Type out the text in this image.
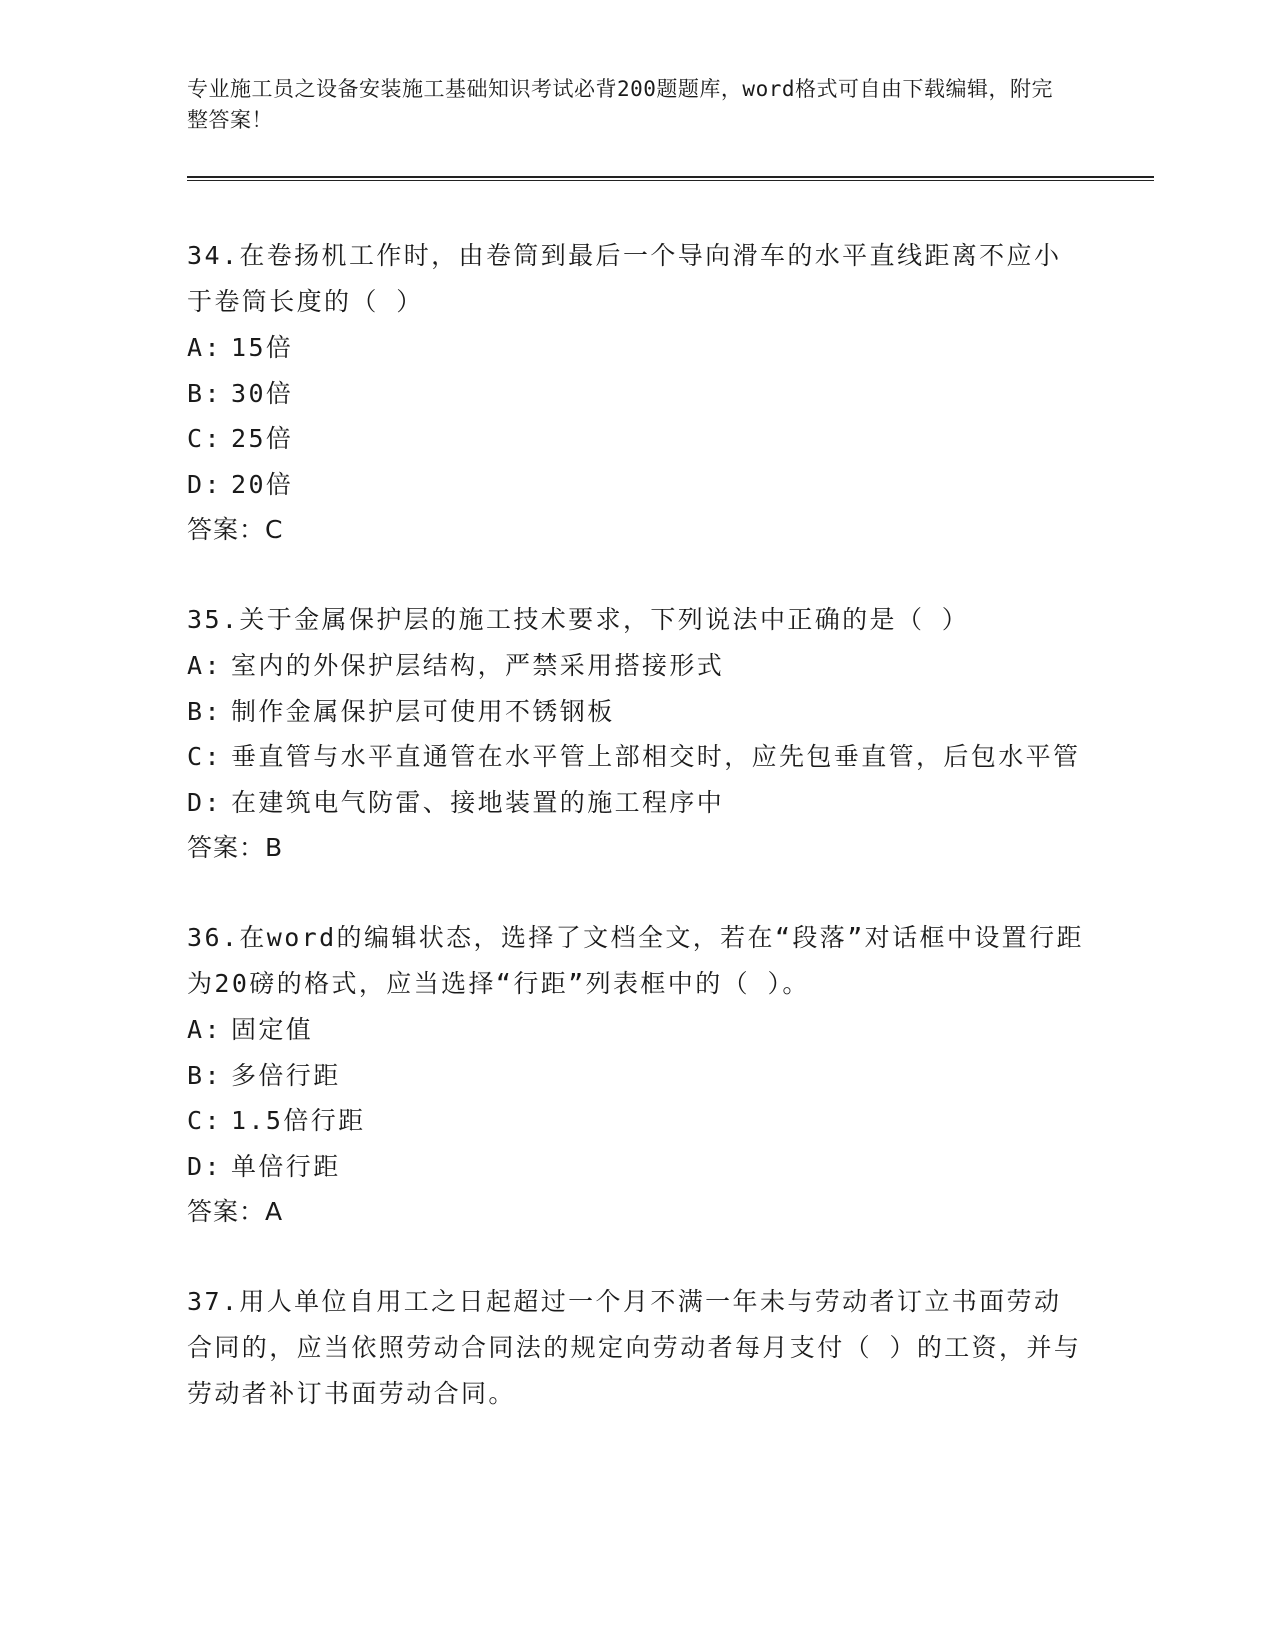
专业施工员之设备安装施工基础知识考试必背200题题库，word格式可自由下载编辑，附完整答案！

34.在卷扬机工作时，由卷筒到最后一个导向滑车的水平直线距离不应小于卷筒长度的（ ）

A: 15倍

B: 30倍

C: 25倍

D: 20倍

答案：C

35.关于金属保护层的施工技术要求，下列说法中正确的是（ ）

A: 室内的外保护层结构，严禁采用搭接形式

B: 制作金属保护层可使用不锈钢板

C: 垂直管与水平直通管在水平管上部相交时，应先包垂直管，后包水平管

D: 在建筑电气防雷、接地装置的施工程序中

答案：B

36.在word的编辑状态，选择了文档全文，若在“段落”对话框中设置行距为20磅的格式，应当选择“行距”列表框中的（ ）。

A: 固定值

B: 多倍行距

C: 1.5倍行距

D: 单倍行距

答案：A

37.用人单位自用工之日起超过一个月不满一年未与劳动者订立书面劳动合同的，应当依照劳动合同法的规定向劳动者每月支付（ ）的工资，并与劳动者补订书面劳动合同。
